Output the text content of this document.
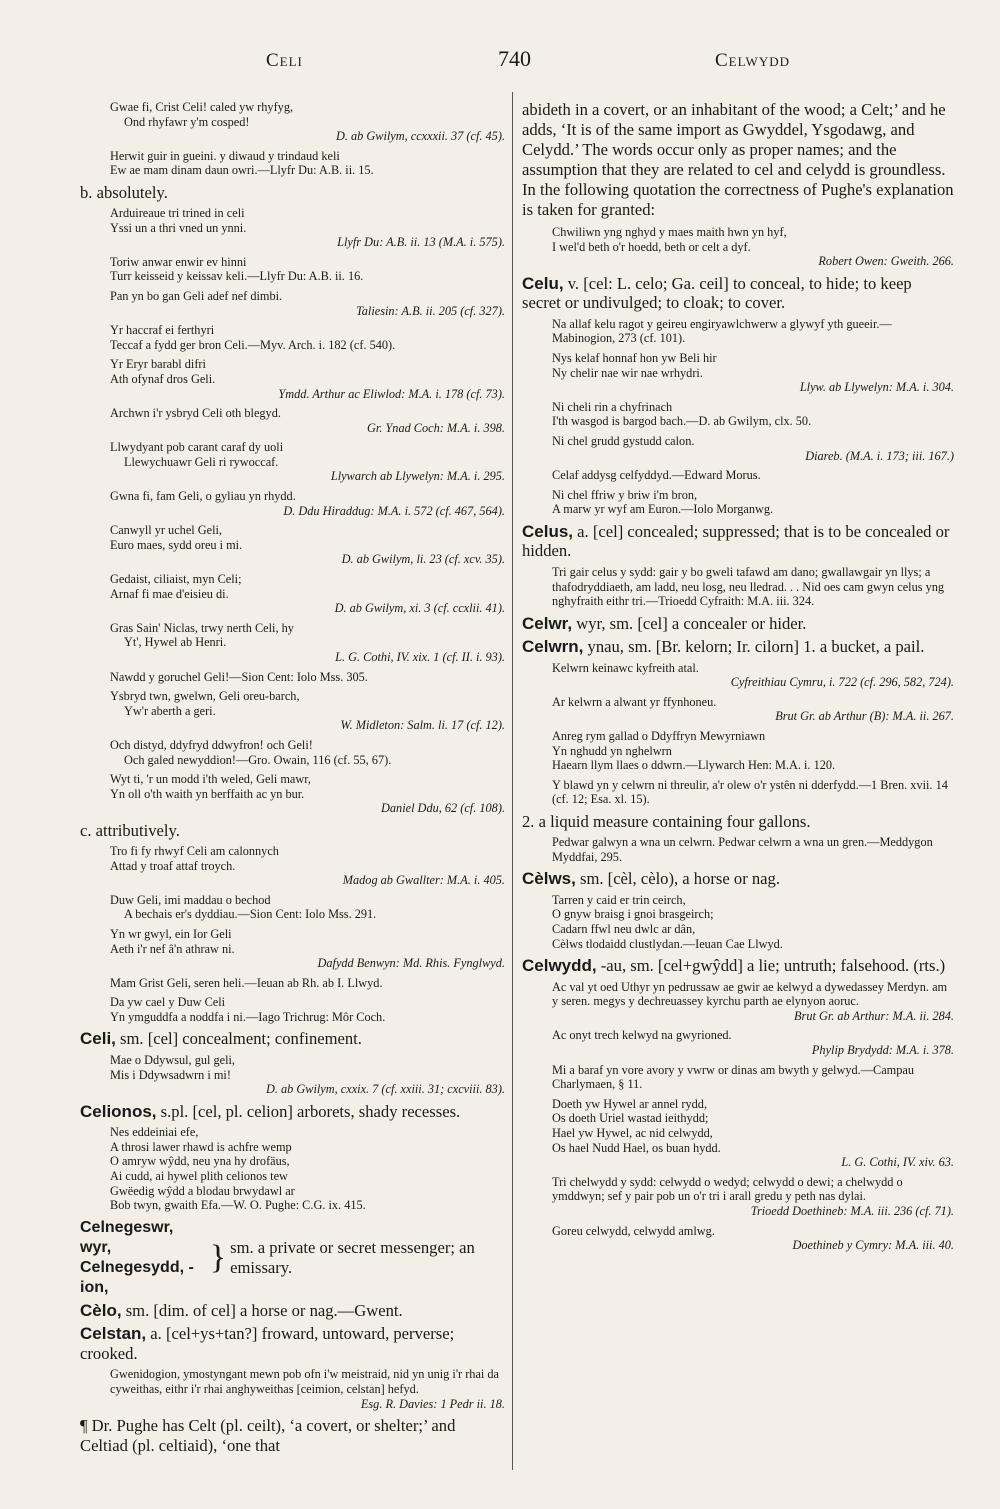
Celi	740	Celwydd
Gwae fi, Crist Celi! caled yw rhyfyg,
Ond rhyfawr y'm cosped!
D. ab Gwilym, ccxxxii. 37 (cf. 45).
Herwit guir in gueini. y diwaud y trindaud keli
Ew ae mam dinam daun owri.—Llyfr Du: A.B. ii. 15.
b. absolutely.
Arduireaue tri trined in celi
Yssi un a thri vned un ynni.
Llyfr Du: A.B. ii. 13 (M.A. i. 575).
Toriw anwar enwir ev hinni
Turr keisseid y keissav keli.—Llyfr Du: A.B. ii. 16.
Pan yn bo gan Geli adef nef dimbi.
Taliesin: A.B. ii. 205 (cf. 327).
Yr haccraf ei ferthyri
Teccaf a fydd ger bron Celi.—Myv. Arch. i. 182 (cf. 540).
Yr Eryr barabl difri
Ath ofynaf dros Geli.
Ymdd. Arthur ac Eliwlod: M.A. i. 178 (cf. 73).
Archwn i'r ysbryd Celi oth blegyd.
Gr. Ynad Coch: M.A. i. 398.
Llwydyant pob carant caraf dy uoli
Llewychuawr Geli ri rywoccaf.
Llywarch ab Llywelyn: M.A. i. 295.
Gwna fi, fam Geli, o gyliau yn rhydd.
D. Ddu Hiraddug: M.A. i. 572 (cf. 467, 564).
Canwyll yr uchel Geli,
Euro maes, sydd oreu i mi.
D. ab Gwilym, li. 23 (cf. xcv. 35).
Gedaist, ciliaist, myn Celi;
Arnaf fi mae d'eisieu di.
D. ab Gwilym, xi. 3 (cf. ccxlii. 41).
Gras Sain' Niclas, trwy nerth Celi, hy
Yt', Hywel ab Henri.
L. G. Cothi, IV. xix. 1 (cf. II. i. 93).
Nawdd y goruchel Geli!—Sion Cent: Iolo Mss. 305.
Ysbryd twn, gwelwn, Geli oreu-barch,
Yw'r aberth a geri.
W. Midleton: Salm. li. 17 (cf. 12).
Och distyd, ddyfryd ddwyfron! och Geli!
Och galed newyddion!—Gro. Owain, 116 (cf. 55, 67).
Wyt ti, 'r un modd i'th weled, Geli mawr,
Yn oll o'th waith yn berffaith ac yn bur.
Daniel Ddu, 62 (cf. 108).
c. attributively.
Tro fi fy rhwyf Celi am calonnych
Attad y troaf attaf troych.
Madog ab Gwallter: M.A. i. 405.
Duw Geli, imi maddau o bechod
A bechais er's dyddiau.—Sion Cent: Iolo Mss. 291.
Yn wr gwyl, ein Ior Geli
Aeth i'r nef â'n athraw ni.
Dafydd Benwyn: Md. Rhis. Fynglwyd.
Mam Grist Geli, seren heli.—Ieuan ab Rh. ab I. Llwyd.
Da yw cael y Duw Celi
Yn ymguddfa a noddfa i ni.—Iago Trichrug: Môr Coch.
Celi, sm. [cel] concealment; confinement.
Mae o Ddywsul, gul geli,
Mis i Ddywsadwrn i mi!
D. ab Gwilym, cxxix. 7 (cf. xxiii. 31; cxcviii. 83).
Celionos, s.pl. [cel, pl. celion] arborets, shady recesses.
Nes eddeiniai efe,
A throsi lawer rhawd is achfre wemp
O amryw wŷdd, neu yna hy drofäus,
Ai cudd, ai hywel plith celionos tew
Gwëedig wŷdd a blodau brwydawl ar
Bob twyn, gwaith Efa.—W. O. Pughe: C.G. ix. 415.
Celnegeswr, wyr,
Celnegesydd, -ion,
} sm. a private or secret messenger; an emissary.
Cèlo, sm. [dim. of cel] a horse or nag.—Gwent.
Celstan, a. [cel+ys+tan?] froward, untoward, perverse; crooked.
Gwenidogion, ymostyngant mewn pob ofn i'w meistraid, nid yn unig i'r rhai da cyweithas, eithr i'r rhai anghyweithas [ceimion, celstan] hefyd.
Esg. R. Davies: 1 Pedr ii. 18.
¶ Dr. Pughe has Celt (pl. ceilt), ‘a covert, or shelter;’ and Celtiad (pl. celtiaid), ‘one that
abideth in a covert, or an inhabitant of the wood; a Celt;’ and he adds, ‘It is of the same import as Gwyddel, Ysgodawg, and Celydd.’ The words occur only as proper names; and the assumption that they are related to cel and celydd is groundless. In the following quotation the correctness of Pughe's explanation is taken for granted:
Chwiliwn yng nghyd y maes maith hwn yn hyf,
I wel'd beth o'r hoedd, beth or celt a dyf.
Robert Owen: Gweith. 266.
Celu, v. [cel: L. celo; Ga. ceil] to conceal, to hide; to keep secret or undivulged; to cloak; to cover.
Na allaf kelu ragot y geireu engiryawlchwerw a glywyf yth gueeir.—Mabinogion, 273 (cf. 101).
Nys kelaf honnaf hon yw Beli hir
Ny chelir nae wir nae wrhydri.
Llyw. ab Llywelyn: M.A. i. 304.
Ni cheli rin a chyfrinach
I'th wasgod is bargod bach.—D. ab Gwilym, clx. 50.
Ni chel grudd gystudd calon.
Diareb. (M.A. i. 173; iii. 167.)
Celaf addysg celfyddyd.—Edward Morus.
Ni chel ffriw y briw i'm bron,
A marw yr wyf am Euron.—Iolo Morganwg.
Celus, a. [cel] concealed; suppressed; that is to be concealed or hidden.
Tri gair celus y sydd: gair y bo gweli tafawd am dano; gwallawgair yn llys; a thafodryddiaeth, am ladd, neu losg, neu lledrad. . . Nid oes cam gwyn celus yng nghyfraith eithr tri.—Trioedd Cyfraith: M.A. iii. 324.
Celwr, wyr, sm. [cel] a concealer or hider.
Celwrn, ynau, sm. [Br. kelorn; Ir. cilorn] 1. a bucket, a pail.
Kelwrn keinawc kyfreith atal.
Cyfreithiau Cymru, i. 722 (cf. 296, 582, 724).
Ar kelwrn a alwant yr ffynhoneu.
Brut Gr. ab Arthur (B): M.A. ii. 267.
Anreg rym gallad o Ddyffryn Mewyrniawn
Yn nghudd yn nghelwrn
Haearn llym llaes o ddwrn.—Llywarch Hen: M.A. i. 120.
Y blawd yn y celwrn ni threulir, a'r olew o'r ystên ni dderfydd.—1 Bren. xvii. 14 (cf. 12; Esa. xl. 15).
2. a liquid measure containing four gallons.
Pedwar galwyn a wna un celwrn. Pedwar celwrn a wna un gren.—Meddygon Myddfai, 295.
Cèlws, sm. [cèl, cèlo), a horse or nag.
Tarren y caid er trin ceirch,
O gnyw braisg i gnoi brasgeirch;
Cadarn ffwl neu dwlc ar dân,
Cèlws tlodaidd clustlydan.—Ieuan Cae Llwyd.
Celwydd, -au, sm. [cel+gwŷdd] a lie; untruth; falsehood. (rts.)
Ac val yt oed Uthyr yn pedrussaw ae gwir ae kelwyd a dywedassey Merdyn. am y seren. megys y dechreuassey kyrchu parth ae elynyon aoruc.
Brut Gr. ab Arthur: M.A. ii. 284.
Ac onyt trech kelwyd na gwyrioned.
Phylip Brydydd: M.A. i. 378.
Mi a baraf yn vore avory y vwrw or dinas am bwyth y gelwyd.—Campau Charlymaen, § 11.
Doeth yw Hywel ar annel rydd,
Os doeth Uriel wastad ieithydd;
Hael yw Hywel, ac nid celwydd,
Os hael Nudd Hael, os buan hydd.
L. G. Cothi, IV. xiv. 63.
Tri chelwydd y sydd: celwydd o wedyd; celwydd o dewi; a chelwydd o ymddwyn; sef y pair pob un o'r tri i arall gredu y peth nas dylai.
Trioedd Doethineb: M.A. iii. 236 (cf. 71).
Goreu celwydd, celwydd amlwg.
Doethineb y Cymry: M.A. iii. 40.
